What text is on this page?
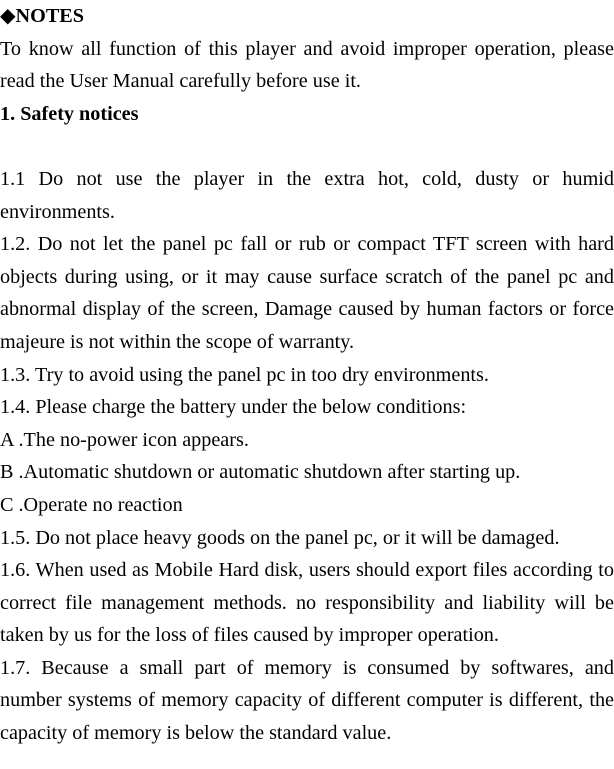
◆NOTES
To know all function of this player and avoid improper operation, please read the User Manual carefully before use it.
1. Safety notices
1.1 Do not use the player in the extra hot, cold, dusty or humid environments.
1.2. Do not let the panel pc fall or rub or compact TFT screen with hard objects during using, or it may cause surface scratch of the panel pc and abnormal display of the screen, Damage caused by human factors or force majeure is not within the scope of warranty.
1.3. Try to avoid using the panel pc in too dry environments.
1.4. Please charge the battery under the below conditions:
A .The no-power icon appears.
B .Automatic shutdown or automatic shutdown after starting up.
C .Operate no reaction
1.5. Do not place heavy goods on the panel pc, or it will be damaged.
1.6. When used as Mobile Hard disk, users should export files according to correct file management methods. no responsibility and liability will be taken by us for the loss of files caused by improper operation.
1.7. Because a small part of memory is consumed by softwares, and number systems of memory capacity of different computer is different, the capacity of memory is below the standard value.
